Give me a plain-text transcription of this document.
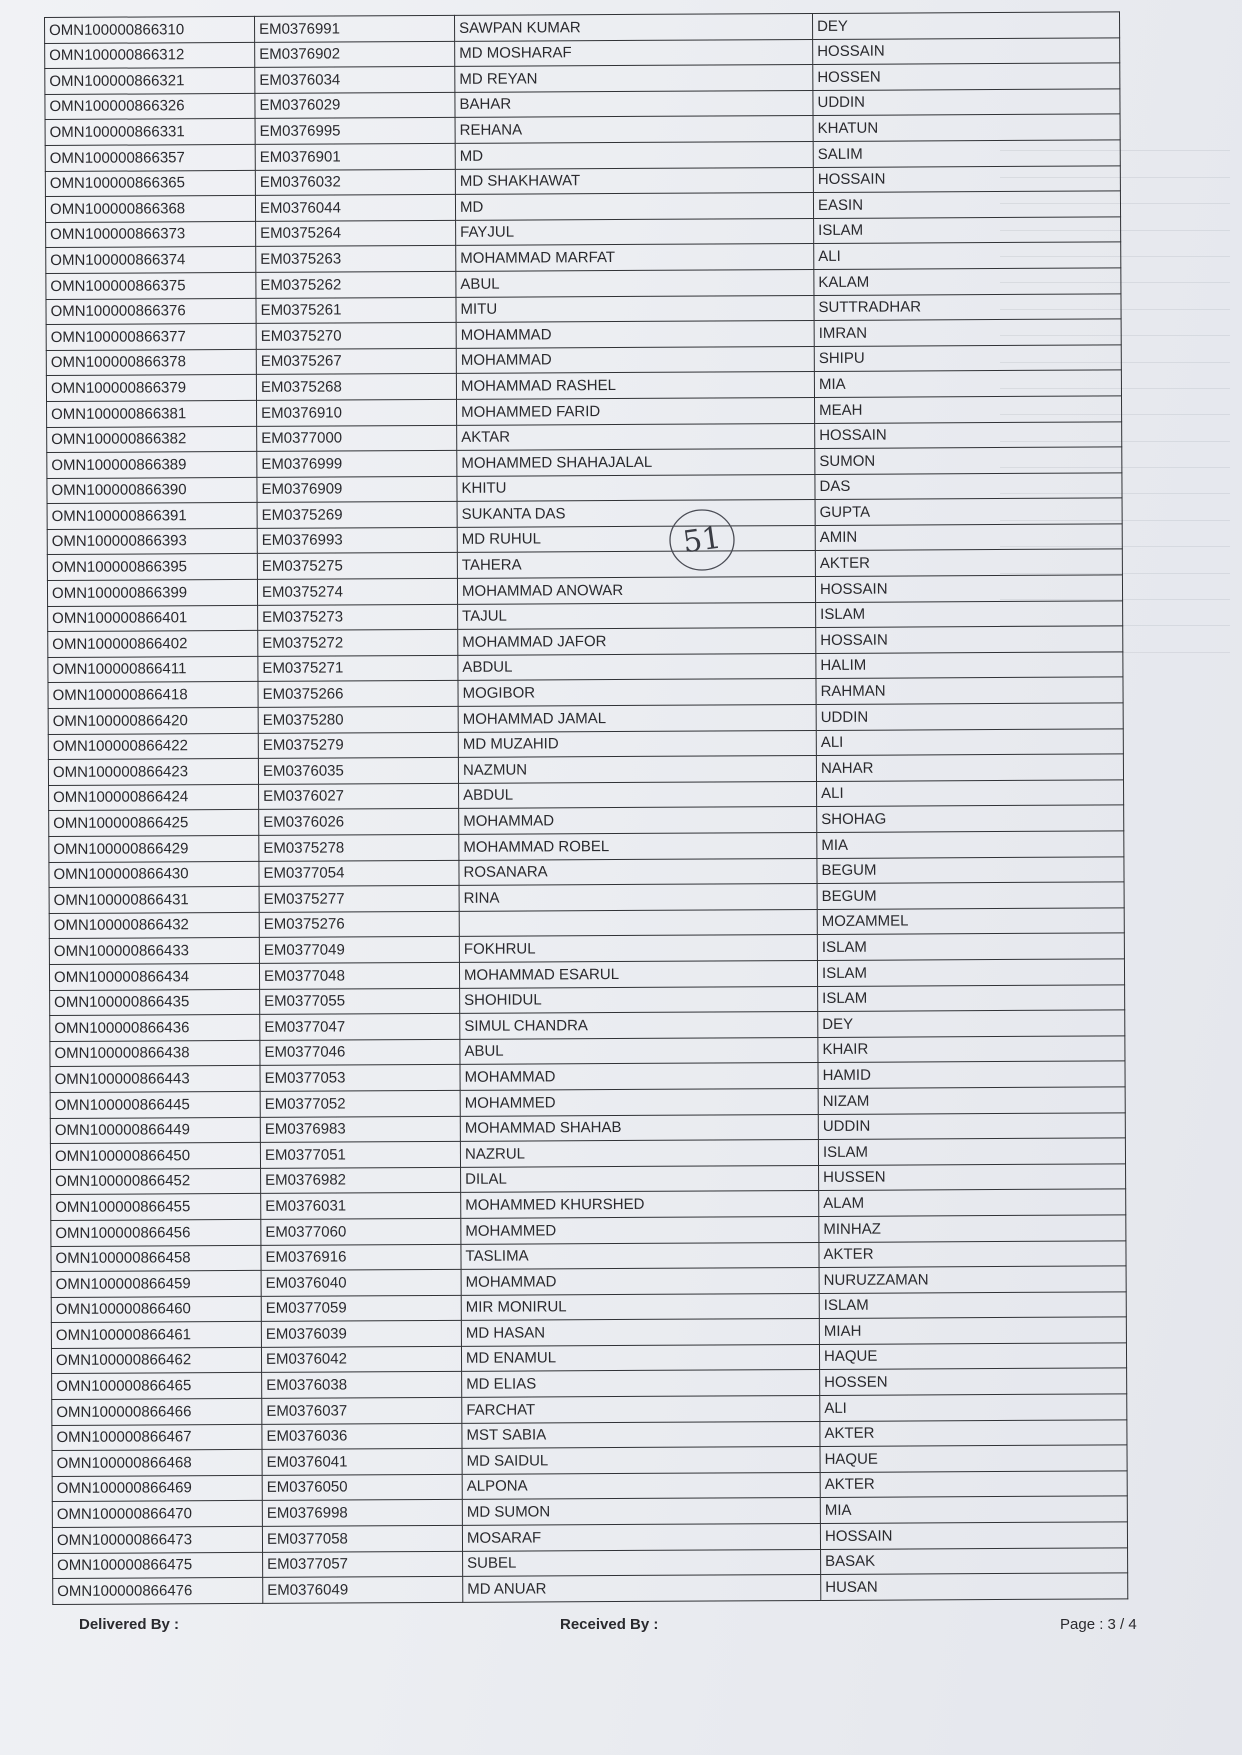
OMN100000866310	EM0376991	SAWPAN KUMAR	DEY
OMN100000866312	EM0376902	MD MOSHARAF	HOSSAIN
OMN100000866321	EM0376034	MD REYAN	HOSSEN
OMN100000866326	EM0376029	BAHAR	UDDIN
OMN100000866331	EM0376995	REHANA	KHATUN
OMN100000866357	EM0376901	MD	SALIM
OMN100000866365	EM0376032	MD SHAKHAWAT	HOSSAIN
OMN100000866368	EM0376044	MD	EASIN
OMN100000866373	EM0375264	FAYJUL	ISLAM
OMN100000866374	EM0375263	MOHAMMAD MARFAT	ALI
OMN100000866375	EM0375262	ABUL	KALAM
OMN100000866376	EM0375261	MITU	SUTTRADHAR
OMN100000866377	EM0375270	MOHAMMAD	IMRAN
OMN100000866378	EM0375267	MOHAMMAD	SHIPU
OMN100000866379	EM0375268	MOHAMMAD RASHEL	MIA
OMN100000866381	EM0376910	MOHAMMED FARID	MEAH
OMN100000866382	EM0377000	AKTAR	HOSSAIN
OMN100000866389	EM0376999	MOHAMMED SHAHAJALAL	SUMON
OMN100000866390	EM0376909	KHITU	DAS
OMN100000866391	EM0375269	SUKANTA DAS	GUPTA
OMN100000866393	EM0376993	MD RUHUL	AMIN
OMN100000866395	EM0375275	TAHERA	AKTER
OMN100000866399	EM0375274	MOHAMMAD ANOWAR	HOSSAIN
OMN100000866401	EM0375273	TAJUL	ISLAM
OMN100000866402	EM0375272	MOHAMMAD JAFOR	HOSSAIN
OMN100000866411	EM0375271	ABDUL	HALIM
OMN100000866418	EM0375266	MOGIBOR	RAHMAN
OMN100000866420	EM0375280	MOHAMMAD JAMAL	UDDIN
OMN100000866422	EM0375279	MD MUZAHID	ALI
OMN100000866423	EM0376035	NAZMUN	NAHAR
OMN100000866424	EM0376027	ABDUL	ALI
OMN100000866425	EM0376026	MOHAMMAD	SHOHAG
OMN100000866429	EM0375278	MOHAMMAD ROBEL	MIA
OMN100000866430	EM0377054	ROSANARA	BEGUM
OMN100000866431	EM0375277	RINA	BEGUM
OMN100000866432	EM0375276		MOZAMMEL
OMN100000866433	EM0377049	FOKHRUL	ISLAM
OMN100000866434	EM0377048	MOHAMMAD ESARUL	ISLAM
OMN100000866435	EM0377055	SHOHIDUL	ISLAM
OMN100000866436	EM0377047	SIMUL CHANDRA	DEY
OMN100000866438	EM0377046	ABUL	KHAIR
OMN100000866443	EM0377053	MOHAMMAD	HAMID
OMN100000866445	EM0377052	MOHAMMED	NIZAM
OMN100000866449	EM0376983	MOHAMMAD SHAHAB	UDDIN
OMN100000866450	EM0377051	NAZRUL	ISLAM
OMN100000866452	EM0376982	DILAL	HUSSEN
OMN100000866455	EM0376031	MOHAMMED KHURSHED	ALAM
OMN100000866456	EM0377060	MOHAMMED	MINHAZ
OMN100000866458	EM0376916	TASLIMA	AKTER
OMN100000866459	EM0376040	MOHAMMAD	NURUZZAMAN
OMN100000866460	EM0377059	MIR MONIRUL	ISLAM
OMN100000866461	EM0376039	MD HASAN	MIAH
OMN100000866462	EM0376042	MD ENAMUL	HAQUE
OMN100000866465	EM0376038	MD ELIAS	HOSSEN
OMN100000866466	EM0376037	FARCHAT	ALI
OMN100000866467	EM0376036	MST SABIA	AKTER
OMN100000866468	EM0376041	MD SAIDUL	HAQUE
OMN100000866469	EM0376050	ALPONA	AKTER
OMN100000866470	EM0376998	MD SUMON	MIA
OMN100000866473	EM0377058	MOSARAF	HOSSAIN
OMN100000866475	EM0377057	SUBEL	BASAK
OMN100000866476	EM0376049	MD ANUAR	HUSAN
51
Delivered By :	Received By :	Page : 3 / 4
